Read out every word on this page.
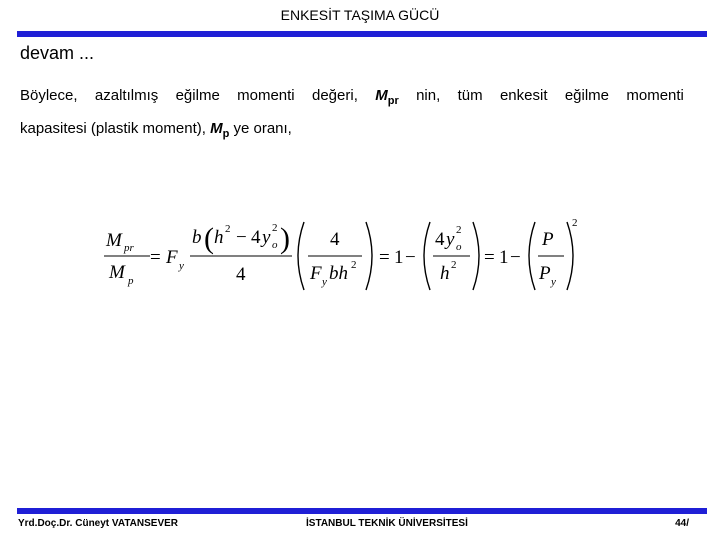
ENKESİT TAŞIMA GÜCÜ
devam ...
Böylece, azaltılmış eğilme momenti değeri, $M_{pr}$ nin, tüm enkesit eğilme momenti
kapasitesi (plastik moment), $M_p$ ye oranı,
M pr
M p
= F y
b ( h 2 − 4 y 2
o )
4
4
F y bh 2 = 1 −
4 y 2
o
h 2 = 1 −
P
P y
2
Yrd.Doç.Dr. Cüneyt VATANSEVER	İSTANBUL TEKNİK ÜNİVERSİTESİ	44/
